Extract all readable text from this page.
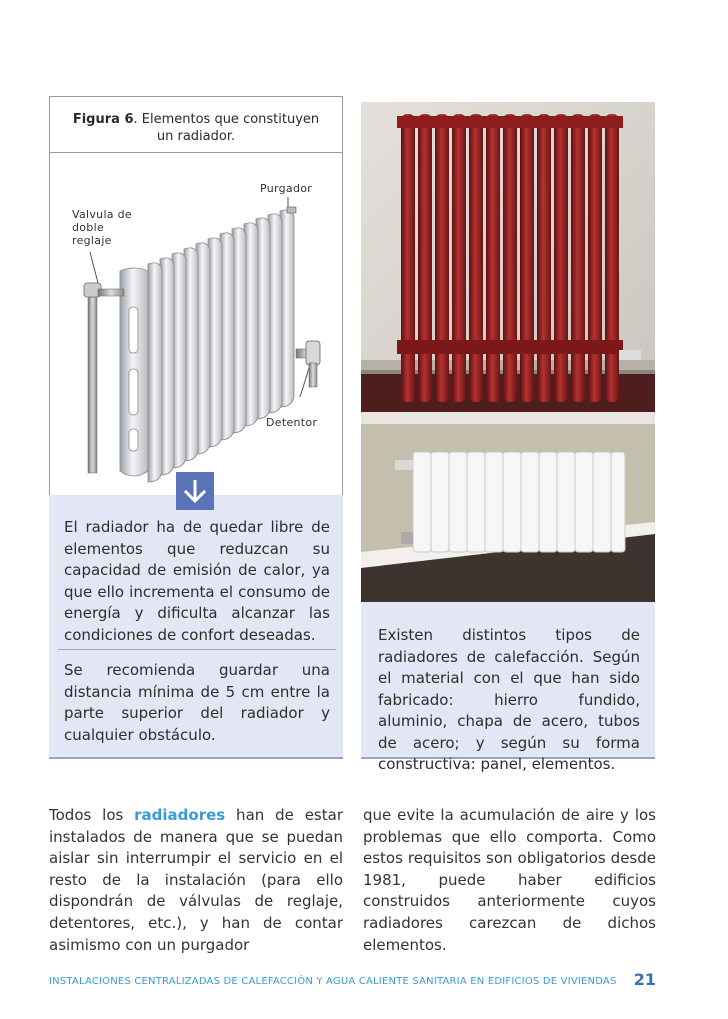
Figura 6. Elementos que constituyen
un radiador.
Purgador
Valvula de
doble
reglaje
Detentor
El radiador ha de quedar libre de elementos que reduzcan su capacidad de emisión de calor, ya que ello incrementa el consumo de energía y dificulta alcanzar las condiciones de confort deseadas.
Se recomienda guardar una distancia mínima de 5 cm entre la parte superior del radiador y cualquier obstáculo.
Existen distintos tipos de radiadores de calefacción. Según el material con el que han sido fabricado: hierro fundido, aluminio, chapa de acero, tubos de acero; y según su forma constructiva: panel, elementos.
Todos los radiadores han de estar instalados de manera que se puedan aislar sin interrumpir el servicio en el resto de la instalación (para ello dispondrán de válvulas de reglaje, detentores, etc.), y han de contar asimismo con un purgador
que evite la acumulación de aire y los problemas que ello comporta. Como estos requisitos son obligatorios desde 1981, puede haber edificios construidos anteriormente cuyos radiadores carezcan de dichos elementos.
INSTALACIONES CENTRALIZADAS DE CALEFACCIÓN Y AGUA CALIENTE SANITARIA EN EDIFICIOS DE VIVIENDAS	21
